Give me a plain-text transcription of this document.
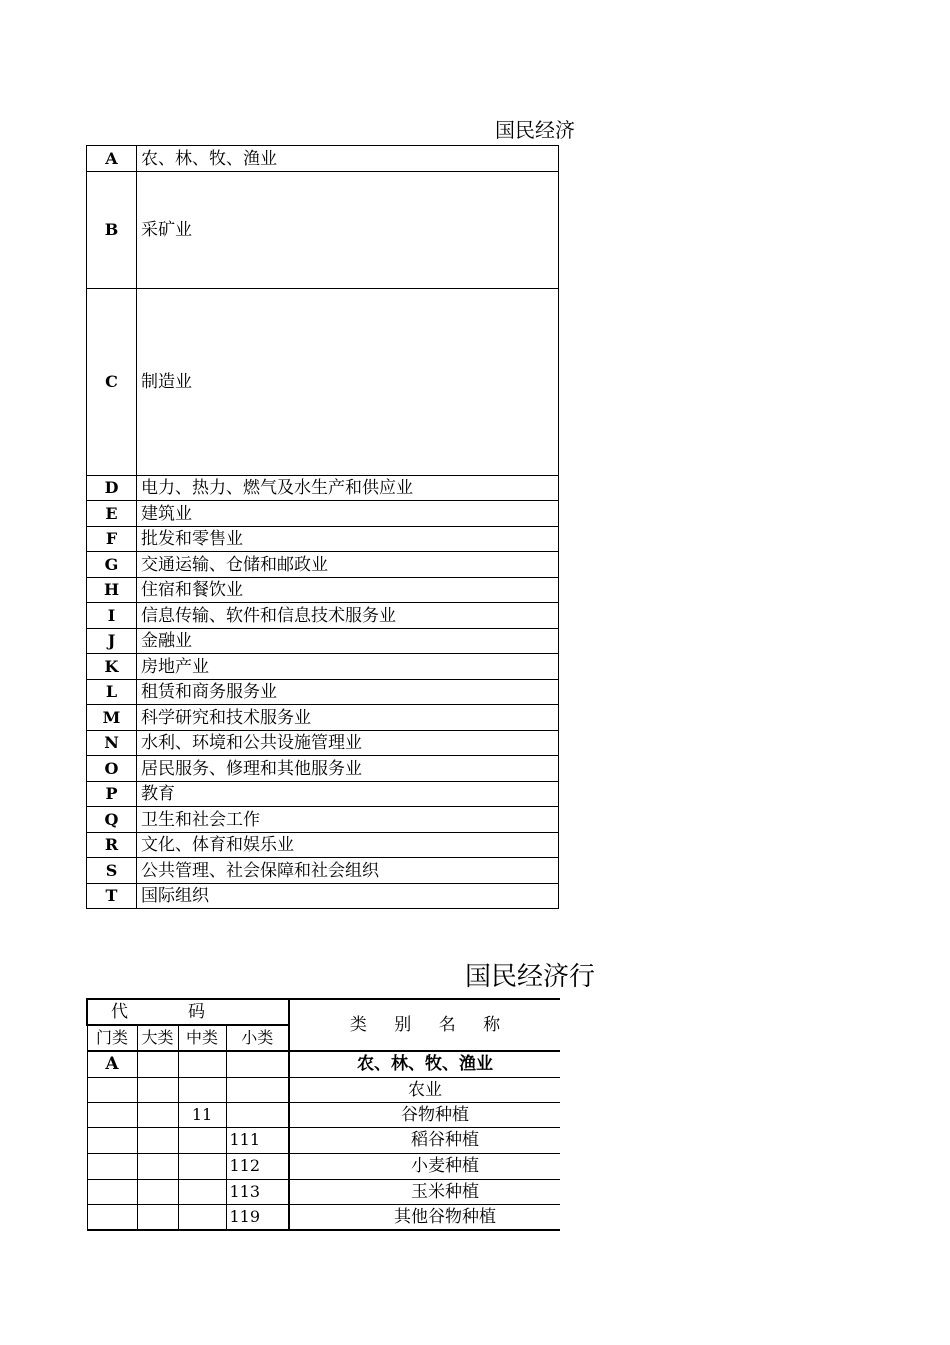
国民经济
A	农、林、牧、渔业
B	采矿业
C	制造业
D	电力、热力、燃气及水生产和供应业
E	建筑业
F	批发和零售业
G	交通运输、仓储和邮政业
H	住宿和餐饮业
I	信息传输、软件和信息技术服务业
J	金融业
K	房地产业
L	租赁和商务服务业
M	科学研究和技术服务业
N	水利、环境和公共设施管理业
O	居民服务、修理和其他服务业
P	教育
Q	卫生和社会工作
R	文化、体育和娱乐业
S	公共管理、社会保障和社会组织
T	国际组织
国民经济行
代码				类 别 名 称
门类	大类	中类	小类	
A				农、林、牧、渔业
				农业
		11		谷物种植
			111	稻谷种植
			112	小麦种植
			113	玉米种植
			119	其他谷物种植
